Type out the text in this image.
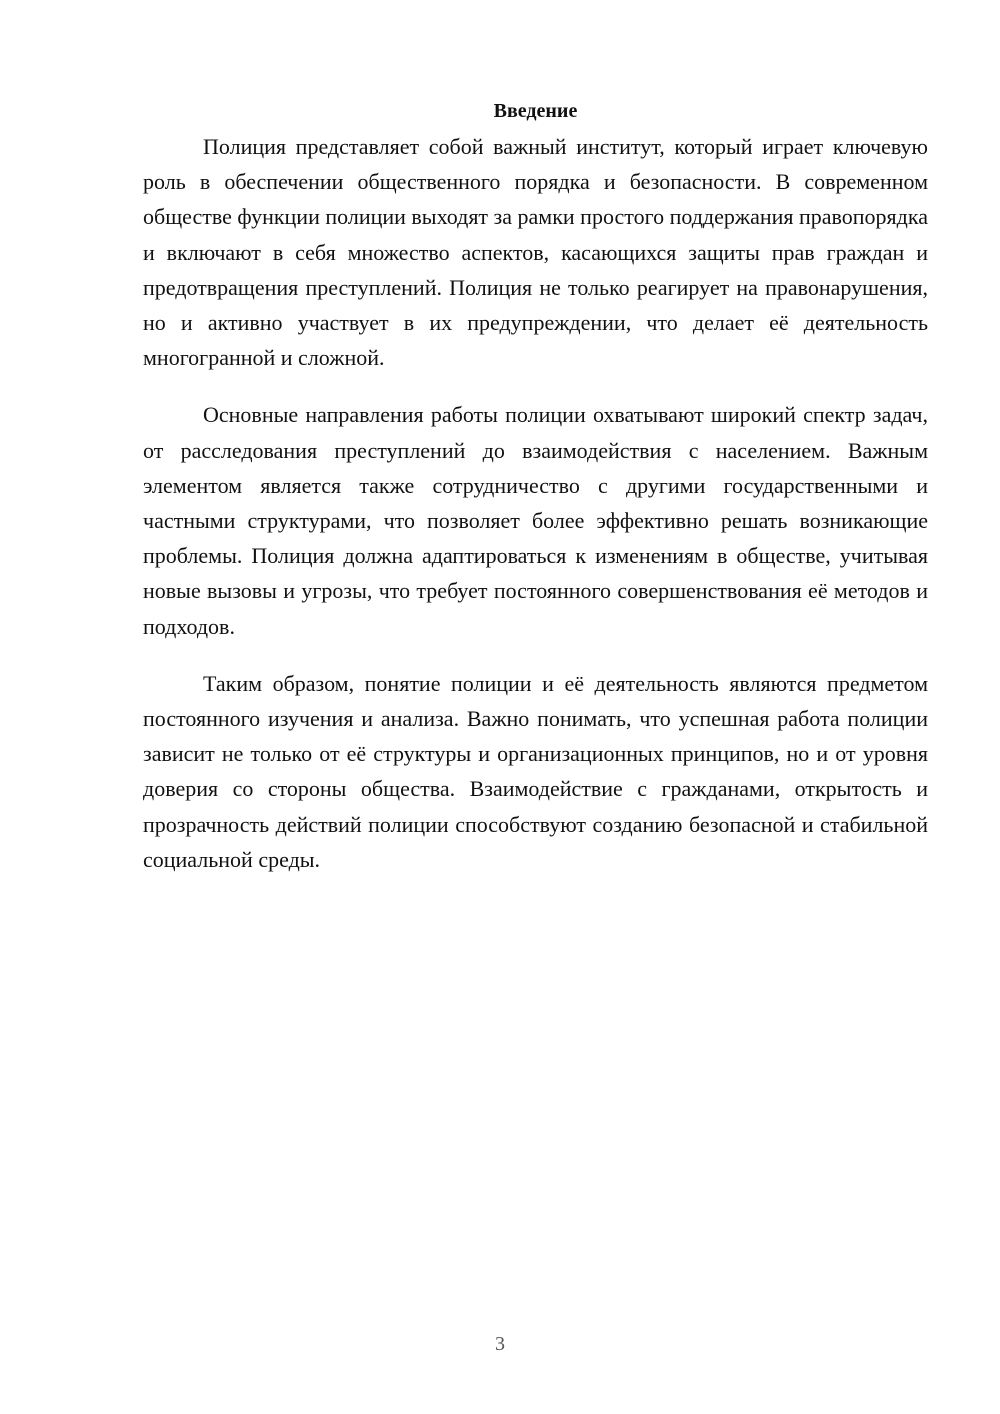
Введение

Полиция представляет собой важный институт, который играет ключевую роль в обеспечении общественного порядка и безопасности. В современном обществе функции полиции выходят за рамки простого поддержания правопорядка и включают в себя множество аспектов, касающихся защиты прав граждан и предотвращения преступлений. Полиция не только реагирует на правонарушения, но и активно участвует в их предупреждении, что делает её деятельность многогранной и сложной.

Основные направления работы полиции охватывают широкий спектр задач, от расследования преступлений до взаимодействия с населением. Важным элементом является также сотрудничество с другими государственными и частными структурами, что позволяет более эффективно решать возникающие проблемы. Полиция должна адаптироваться к изменениям в обществе, учитывая новые вызовы и угрозы, что требует постоянного совершенствования её методов и подходов.

Таким образом, понятие полиции и её деятельность являются предметом постоянного изучения и анализа. Важно понимать, что успешная работа полиции зависит не только от её структуры и организационных принципов, но и от уровня доверия со стороны общества. Взаимодействие с гражданами, открытость и прозрачность действий полиции способствуют созданию безопасной и стабильной социальной среды.

3
